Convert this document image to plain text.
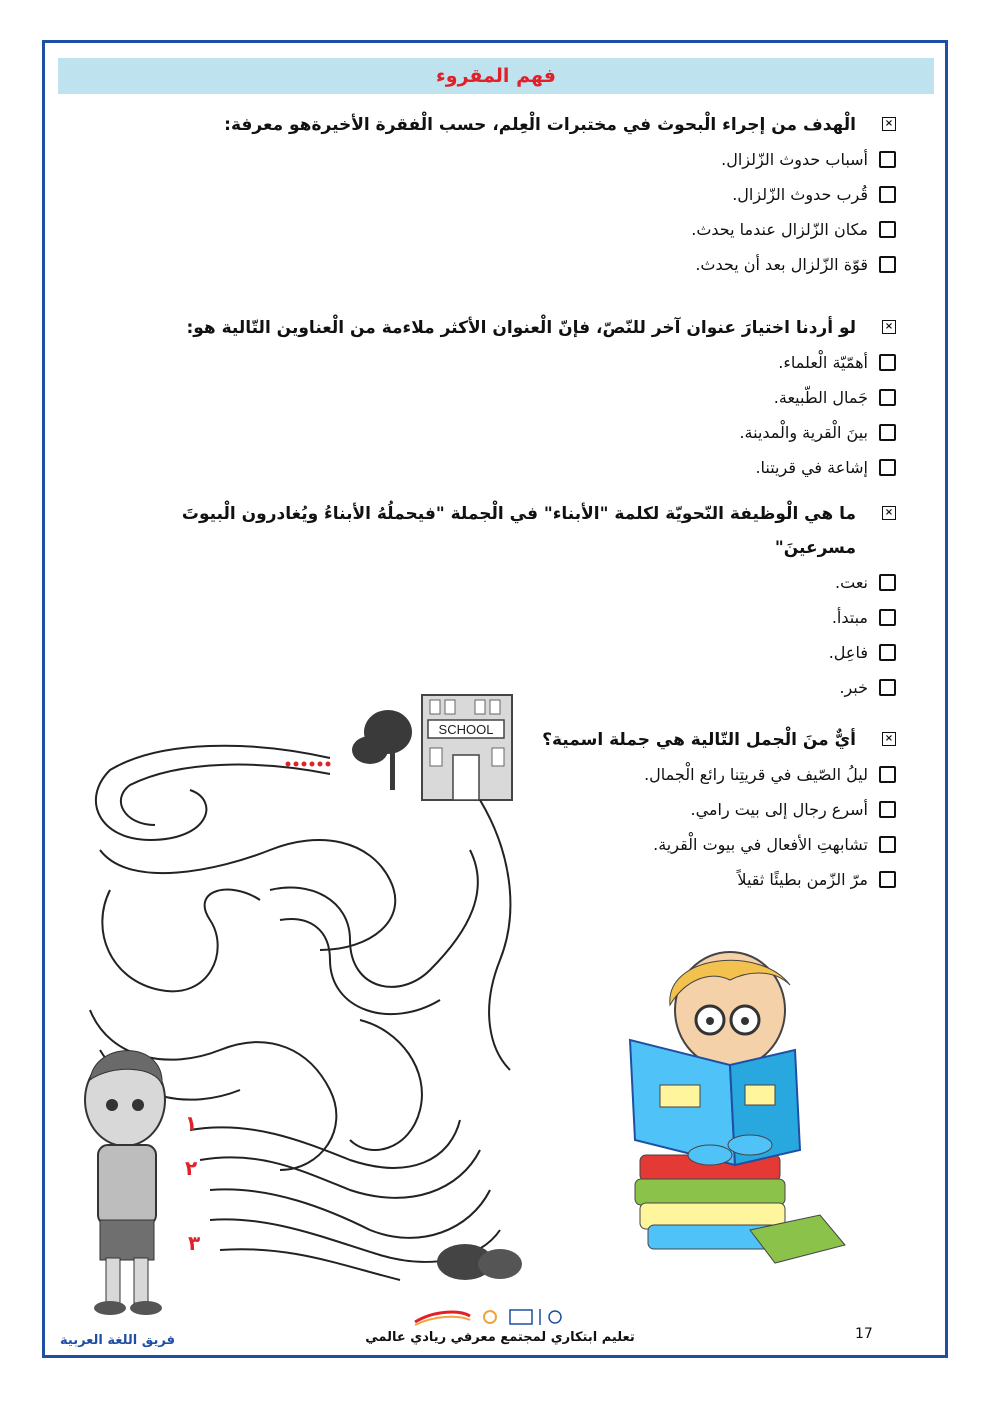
فهم المقروء
×
الْهدف من إجراء الْبحوث في مختبرات الْعِلم، حسب الْفقرة الأخيرةهو معرفة:
أسباب حدوث الزّلزال.
قُرب حدوث الزّلزال.
مكان الزّلزال عندما يحدث.
قوّة الزّلزال بعد أن يحدث.
×
لو أردنا اختيارَ عنوان آخر للنّصّ، فإنّ الْعنوان الأكثر ملاءمة من الْعناوين التّالية هو:
أهمّيّة الْعلماء.
جَمال الطّبيعة.
بينَ الْقرية والْمدينة.
إشاعة في قريتنا.
×
ما هي الْوظيفة النّحويّة لكلمة "الأبناء" في الْجملة "فيحملُهُ الأبناءُ ويُغادرون الْبيوتَ مسرعينَ"
نعت.
مبتدأ.
فاعِل.
خبر.
×
أيٌّ منَ الْجمل التّالية هي جملة اسمية؟
ليلُ الصّيف في قريتِنا رائع الْجمال.
أسرع رجال إلى بيت رامي.
تشابهتِ الأفعال في بيوت الْقرية.
مرّ الزّمن بطيئًا ثقيلاً
SCHOOL
١
٢
٣
تعليم ابتكاري لمجتمع معرفي ريادي عالمي
فريق اللغة العربية	17
